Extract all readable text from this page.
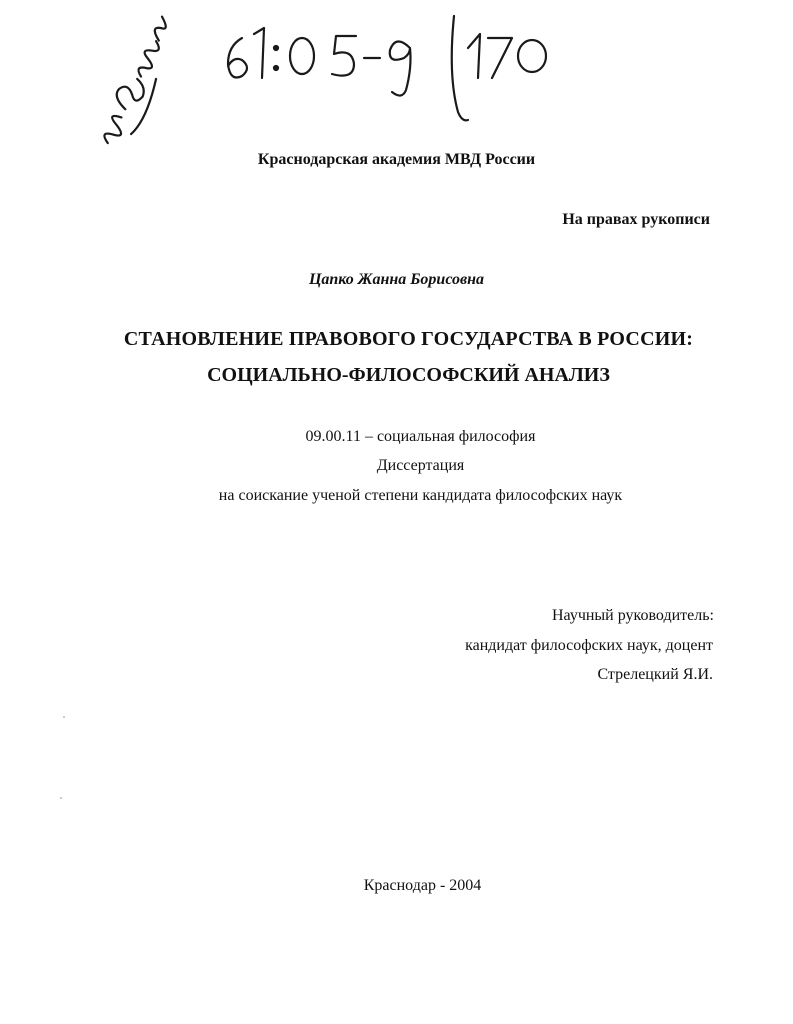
Краснодарская академия МВД России
На правах рукописи
Цапко Жанна Борисовна
СТАНОВЛЕНИЕ ПРАВОВОГО ГОСУДАРСТВА В РОССИИ:
СОЦИАЛЬНО-ФИЛОСОФСКИЙ АНАЛИЗ
09.00.11 – социальная философия
Диссертация
на соискание ученой степени кандидата философских наук
Научный руководитель:
кандидат философских наук, доцент
Стрелецкий Я.И.
Краснодар - 2004
